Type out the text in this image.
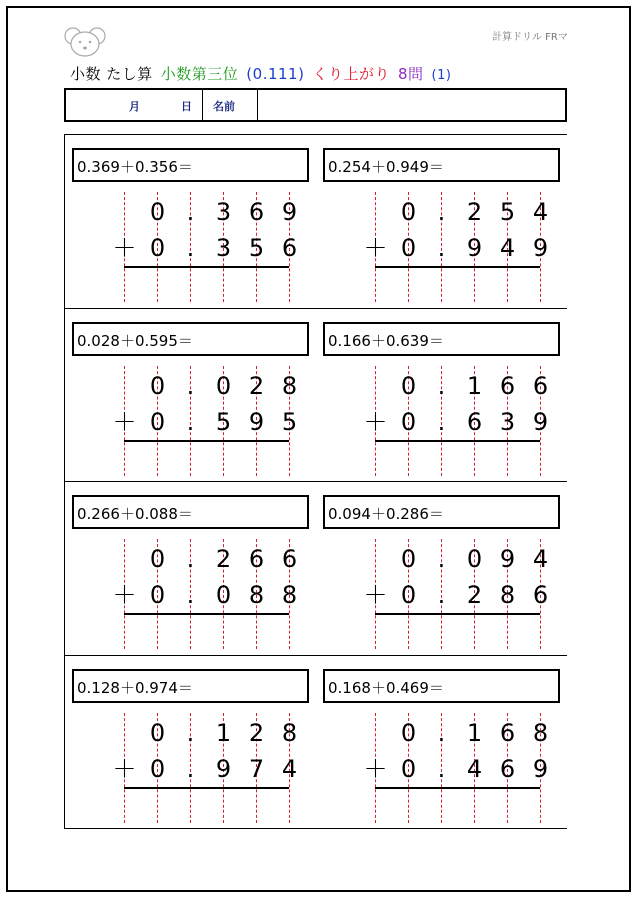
計算ドリル FRマ
小数 たし算 小数第三位 (0.111) くり上がり 8問 (1)
月	日 名前
0.369＋0.356＝
0 . 3 6 9
＋ 0 . 3 5 6
0.254＋0.949＝
0 . 2 5 4
＋ 0 . 9 4 9
0.028＋0.595＝
0 . 0 2 8
＋ 0 . 5 9 5
0.166＋0.639＝
0 . 1 6 6
＋ 0 . 6 3 9
0.266＋0.088＝
0 . 2 6 6
＋ 0 . 0 8 8
0.094＋0.286＝
0 . 0 9 4
＋ 0 . 2 8 6
0.128＋0.974＝
0 . 1 2 8
＋ 0 . 9 7 4
0.168＋0.469＝
0 . 1 6 8
＋ 0 . 4 6 9
